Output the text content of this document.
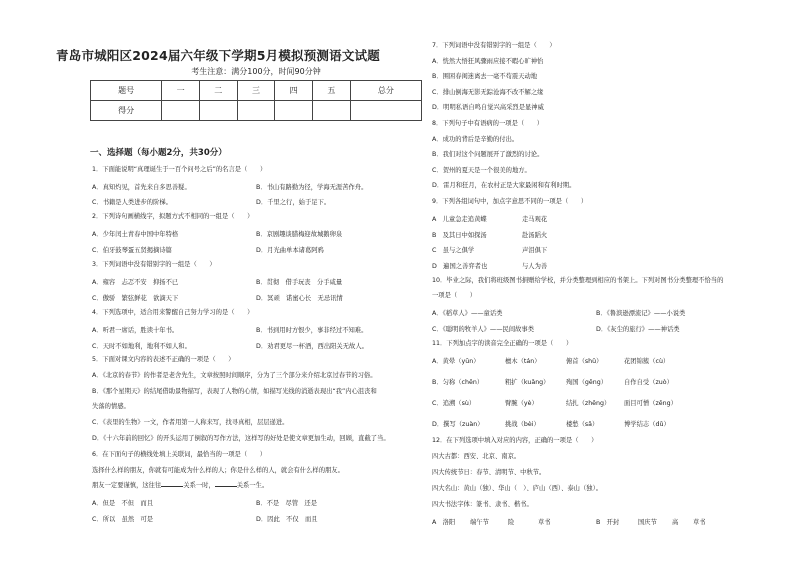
青岛市城阳区2024届六年级下学期5月模拟预测语文试题
考生注意：满分100分，时间90分钟
题号	一	二	三	四	五	总分
得分						
一、选择题（每小题2分，共30分）
1．下面能说明“真理诞生于一百个问号之后”的名言是（　　）
A．真知灼见，首先来自多思善疑。	B．书山有路勤为径，学海无涯苦作舟。
C．书籍是人类进步的阶梯。	D．千里之行，始于足下。
2．下列诗句画横线字，拟题方式不相同的一组是（　　）
A．少年闰土青春中国中年特格	B．京剧趣谈腊梅迎故城鹅卵泉
C．伯牙鼓琴蛋五贤揭摘诗篇	D．月光曲单本诸葛阿鸦
3．下列词语中没有错别字的一组是（　　）
A．雍容　忐忑不安　抑扬不已	B．贯彻　借手玩丧　分手咸量
C．傲骄　繁弦鲜花　欲滴天下	D．冥顽　诺蜜心长　无忌讯情
4．下列选项中，适合用来警醒自己努力学习的是（　　）
A．听君一席话，胜读十年书。	B．书到用时方恨少，事非经过不知难。
C．天时不如地利，地利不如人和。	D．劝君更尽一杯酒，西出阳关无故人。
5．下面对课文内容的表述不正确的一项是（　　）
A．《北京的春节》的作者是老舍先生，文章按照时间顺序，分为了三个部分来介绍北京过春节的习俗。
B．《那个星期天》的结尾借助景物描写，表现了人物的心情，如描写光线的消逝表现出“我”内心沮丧和
失落的情感。
C．《表里的生物》一文，作者用第一人称来写，找寻真相，层层递进。
D．《十六年前的回忆》的开头运用了倒叙的写作方法，这样写的好处是使文章更加生动，回顾，直截了当。
6．在下面句子的横线处填上关联词，最恰当的一项是（　　）
选择什么样的朋友，你就有可能成为什么样的人；你是什么样的人，就会有什么样的朋友。
朋友一定要谨慎，这往往	关系一时，	关系一生。
A．但是　不但　而且	B．不是　尽管　还是
C．所以　虽然　可是	D．因此　不仅　而且
7．下列词语中没有错别字的一组是（　　）
A．恍然大悟狂风骤雨应接不暇心旷神怡
B．围困春闺迷离去一毫不苟震天动地
C．排山倒海无影无踪沧海不改不解之缘
D．明明私语自鸣自觉兴高采烈是显神威
8．下列句子中有语病的一项是（　　）
A．成功的背后是辛勤的付出。
B．我们对这个问题展开了激烈的讨论。
C．贺州的夏天是一个很美的地方。
D．雷月和狂月，在农村正是大家最闲和有利时期。
9．下列各组词句中，加点字意思不同的一项是（　　）
A　儿童急走追黄蝶	走马观花
B　及其日中如探汤	赴汤蹈火
C　虽与之俱学	声泪俱下
D　遍国之善弈者也	与人为善
10．毕业之际，我们将班级图书捐赠给学校，并分类整理到相应的书架上。下列对图书分类整理不恰当的
一项是（　　）
A．《稻草人》——童话类	B．《鲁滨逊漂流记》——小说类
C．《聪明的牧羊人》——民间故事类	D．《灰尘的旅行》——神话类
11．下列加点字的读音完全正确的一项是（　　）
A．黄晕（yūn）	檀木（tán）	俯首（shǔ）	花团锦簇（cù）
B．匀称（chēn）	粗扩（kuǎng）	殉国（gēng）	自作自受（zuò）
C．追溯（sù）	臂腕（yè）	结扎（zhēng） 面目可憎（zēng）
D．撰写（zuàn）	挑战（bèi）	楼愁（sǎ）	博学结志（dǔ）
12．在下列选项中填入对应的内容，正确的一项是（　　）
四大古都：西安、北京、南京。
四大传统节日：春节、清明节、中秋节。
四大名山：黄山（独）、华山（　）、庐山（西）、泰山（独）。
四大书法字体：篆书、隶书、楷书。
A　洛阳 端午节	险	草书	B　开封	国庆节 高 草书
